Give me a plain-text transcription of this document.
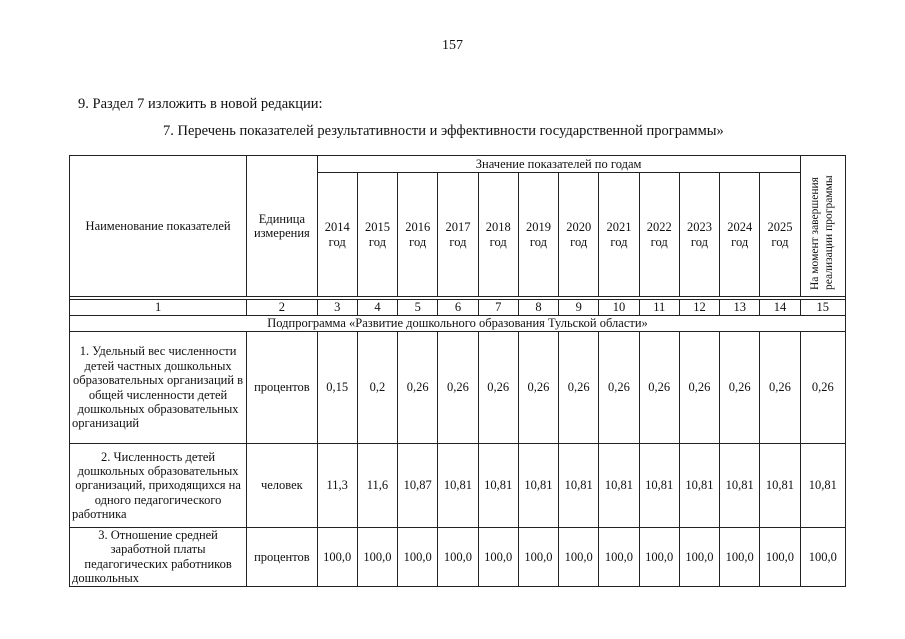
157
9. Раздел 7 изложить в новой редакции:
7. Перечень показателей результативности и эффективности государственной программы»
Наименование показателей	Единица измерения	Значение показателей по годам												На момент завершения реализации программы
		2014 год	2015 год	2016 год	2017 год	2018 год	2019 год	2020 год	2021 год	2022 год	2023 год	2024 год	2025 год	

1	2	3	4	5	6	7	8	9	10	11	12	13	14	15
Подпрограмма «Развитие дошкольного образования Тульской области»														
1. Удельный вес численности детей частных дошкольных образовательных организаций в общей численности детей дошкольных образовательных организаций	процентов	0,15	0,2	0,26	0,26	0,26	0,26	0,26	0,26	0,26	0,26	0,26	0,26	0,26
2. Численность детей дошкольных образовательных организаций, приходящихся на одного педагогического работника	человек	11,3	11,6	10,87	10,81	10,81	10,81	10,81	10,81	10,81	10,81	10,81	10,81	10,81
3. Отношение средней заработной платы педагогических работников дошкольных	процентов	100,0	100,0	100,0	100,0	100,0	100,0	100,0	100,0	100,0	100,0	100,0	100,0	100,0
